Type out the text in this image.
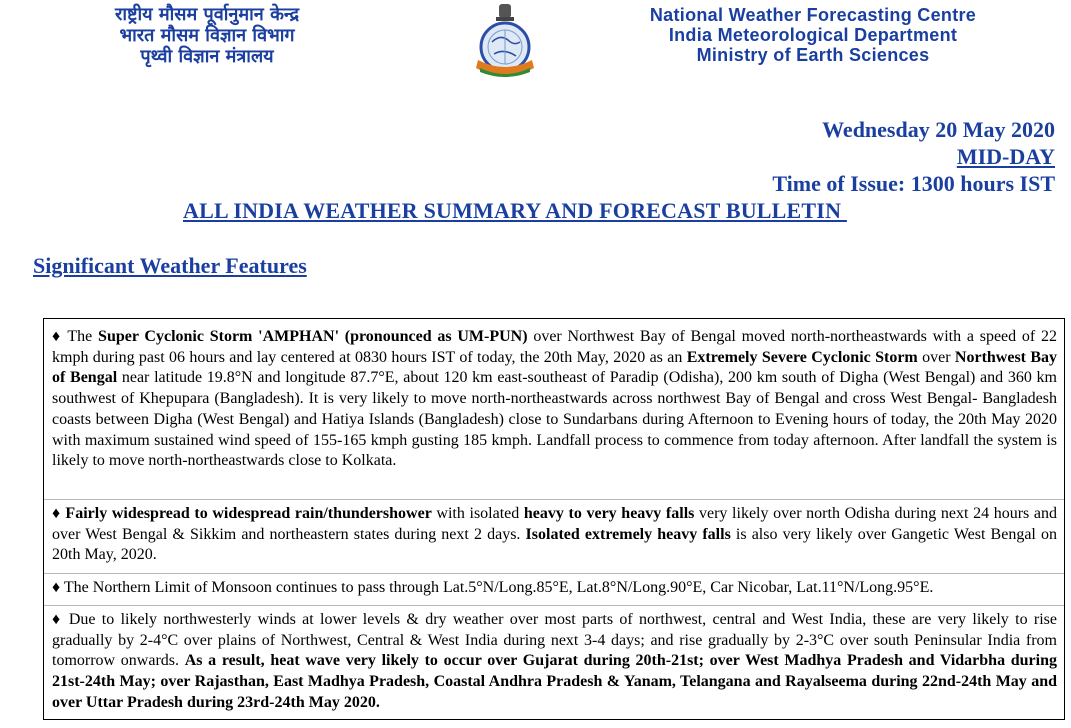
राष्ट्रीय मौसम पूर्वानुमान केन्द्र
भारत मौसम विज्ञान विभाग
पृथ्वी विज्ञान मंत्रालय
National Weather Forecasting Centre
India Meteorological Department
Ministry of Earth Sciences
Wednesday 20 May 2020
MID-DAY
Time of Issue: 1300 hours IST
ALL INDIA WEATHER SUMMARY AND FORECAST BULLETIN
Significant Weather Features
♦ The Super Cyclonic Storm 'AMPHAN' (pronounced as UM-PUN) over Northwest Bay of Bengal moved north-northeastwards with a speed of 22 kmph during past 06 hours and lay centered at 0830 hours IST of today, the 20th May, 2020 as an Extremely Severe Cyclonic Storm over Northwest Bay of Bengal near latitude 19.8°N and longitude 87.7°E, about 120 km east-southeast of Paradip (Odisha), 200 km south of Digha (West Bengal) and 360 km southwest of Khepupara (Bangladesh). It is very likely to move north-northeastwards across northwest Bay of Bengal and cross West Bengal- Bangladesh coasts between Digha (West Bengal) and Hatiya Islands (Bangladesh) close to Sundarbans during Afternoon to Evening hours of today, the 20th May 2020 with maximum sustained wind speed of 155-165 kmph gusting 185 kmph. Landfall process to commence from today afternoon. After landfall the system is likely to move north-northeastwards close to Kolkata.
♦ Fairly widespread to widespread rain/thundershower with isolated heavy to very heavy falls very likely over north Odisha during next 24 hours and over West Bengal & Sikkim and northeastern states during next 2 days. Isolated extremely heavy falls is also very likely over Gangetic West Bengal on 20th May, 2020.
♦ The Northern Limit of Monsoon continues to pass through Lat.5°N/Long.85°E, Lat.8°N/Long.90°E, Car Nicobar, Lat.11°N/Long.95°E.
♦ Due to likely northwesterly winds at lower levels & dry weather over most parts of northwest, central and West India, these are very likely to rise gradually by 2-4°C over plains of Northwest, Central & West India during next 3-4 days; and rise gradually by 2-3°C over south Peninsular India from tomorrow onwards. As a result, heat wave very likely to occur over Gujarat during 20th-21st; over West Madhya Pradesh and Vidarbha during 21st-24th May; over Rajasthan, East Madhya Pradesh, Coastal Andhra Pradesh & Yanam, Telangana and Rayalseema during 22nd-24th May and over Uttar Pradesh during 23rd-24th May 2020.
